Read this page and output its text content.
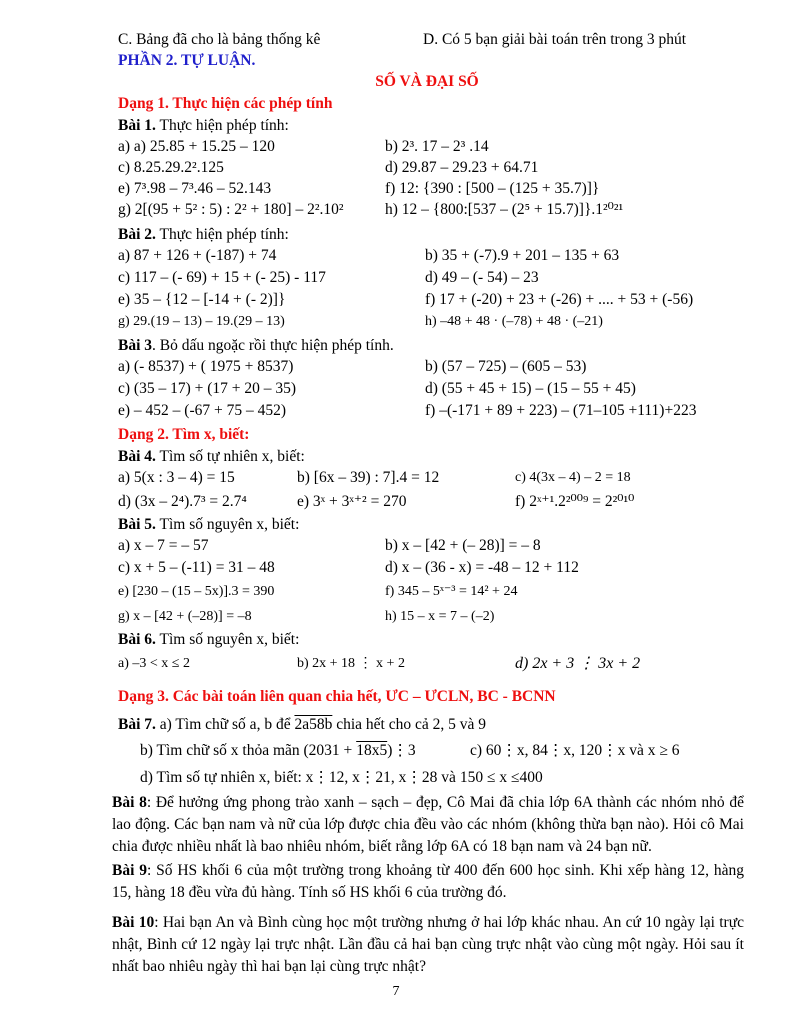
C. Bảng đã cho là bảng thống kê	D. Có 5 bạn giải bài toán trên trong 3 phút
PHẦN 2. TỰ LUẬN.
SỐ VÀ ĐẠI SỐ
Dạng 1. Thực hiện các phép tính
Bài 1. Thực hiện phép tính:
a) a) 25.85 + 15.25 – 120	b) 2³. 17 – 2³ .14
c) 8.25.29.2².125	d) 29.87 – 29.23 + 64.71
e) 7³.98 – 7³.46 – 52.143	f) 12: {390 : [500 – (125 + 35.7)]}
g) 2[(95 + 5² : 5) : 2² + 180] – 2².10²	h) 12 – {800:[537 – (2⁵ + 15.7)]}.1²⁰²¹
Bài 2. Thực hiện phép tính:
a) 87 + 126 + (-187) + 74	b) 35 + (-7).9 + 201 – 135 + 63
c) 117 – (- 69) + 15 + (- 25) - 117	d) 49 – (- 54) – 23
e) 35 – {12 – [-14 + (- 2)]}	f) 17 + (-20) + 23 + (-26) + .... + 53 + (-56)
g) 29.(19 – 13) – 19.(29 – 13)	h) –48 + 48 · (–78) + 48 · (–21)
Bài 3. Bỏ dấu ngoặc rồi thực hiện phép tính.
a) (- 8537) + ( 1975 + 8537)	b) (57 – 725) – (605 – 53)
c) (35 – 17) + (17 + 20 – 35)	d) (55 + 45 + 15) – (15 – 55 + 45)
e) – 452 – (-67 + 75 – 452)	f) –(-171 + 89 + 223) – (71–105 +111)+223
Dạng 2. Tìm x, biết:
Bài 4. Tìm số tự nhiên x, biết:
a) 5(x : 3 – 4) = 15	b) [6x – 39) : 7].4 = 12	c) 4(3x – 4) – 2 = 18
d) (3x – 2⁴).7³ = 2.7⁴	e) 3ˣ + 3ˣ⁺² = 270	f) 2ˣ⁺¹.2²⁰⁰⁹ = 2²⁰¹⁰
Bài 5. Tìm số nguyên x, biết:
a) x – 7 = – 57	b) x – [42 + (– 28)] = – 8
c) x + 5 – (-11) = 31 – 48	d) x – (36 - x) = -48 – 12 + 112
e) [230 – (15 – 5x)].3 = 390	f) 345 – 5ˣ⁻³ = 14² + 24
g) x – [42 + (–28)] = –8	h) 15 – x = 7 – (–2)
Bài 6. Tìm số nguyên x, biết:
a) –3 < x ≤ 2	b) 2x + 18 ⋮ x + 2	d) 2x + 3 ⋮ 3x + 2
Dạng 3. Các bài toán liên quan chia hết, ƯC – ƯCLN, BC - BCNN
Bài 7. a) Tìm chữ số a, b để 2a58b chia hết cho cả 2, 5 và 9
b) Tìm chữ số x thỏa mãn (2031 + 18x5)⋮3	c) 60⋮x, 84⋮x, 120⋮x và x ≥ 6
d) Tìm số tự nhiên x, biết: x⋮12, x⋮21, x⋮28 và 150 ≤ x ≤400

Bài 8: Để hưởng ứng phong trào xanh – sạch – đẹp, Cô Mai đã chia lớp 6A thành các nhóm nhỏ để lao động. Các bạn nam và nữ của lớp được chia đều vào các nhóm (không thừa bạn nào). Hỏi cô Mai chia được nhiều nhất là bao nhiêu nhóm, biết rằng lớp 6A có 18 bạn nam và 24 bạn nữ.

Bài 9: Số HS khối 6 của một trường trong khoảng từ 400 đến 600 học sinh. Khi xếp hàng 12, hàng 15, hàng 18 đều vừa đủ hàng. Tính số HS khối 6 của trường đó.

Bài 10: Hai bạn An và Bình cùng học một trường nhưng ở hai lớp khác nhau. An cứ 10 ngày lại trực nhật, Bình cứ 12 ngày lại trực nhật. Lần đầu cả hai bạn cùng trực nhật vào cùng một ngày. Hỏi sau ít nhất bao nhiêu ngày thì hai bạn lại cùng trực nhật?

7
